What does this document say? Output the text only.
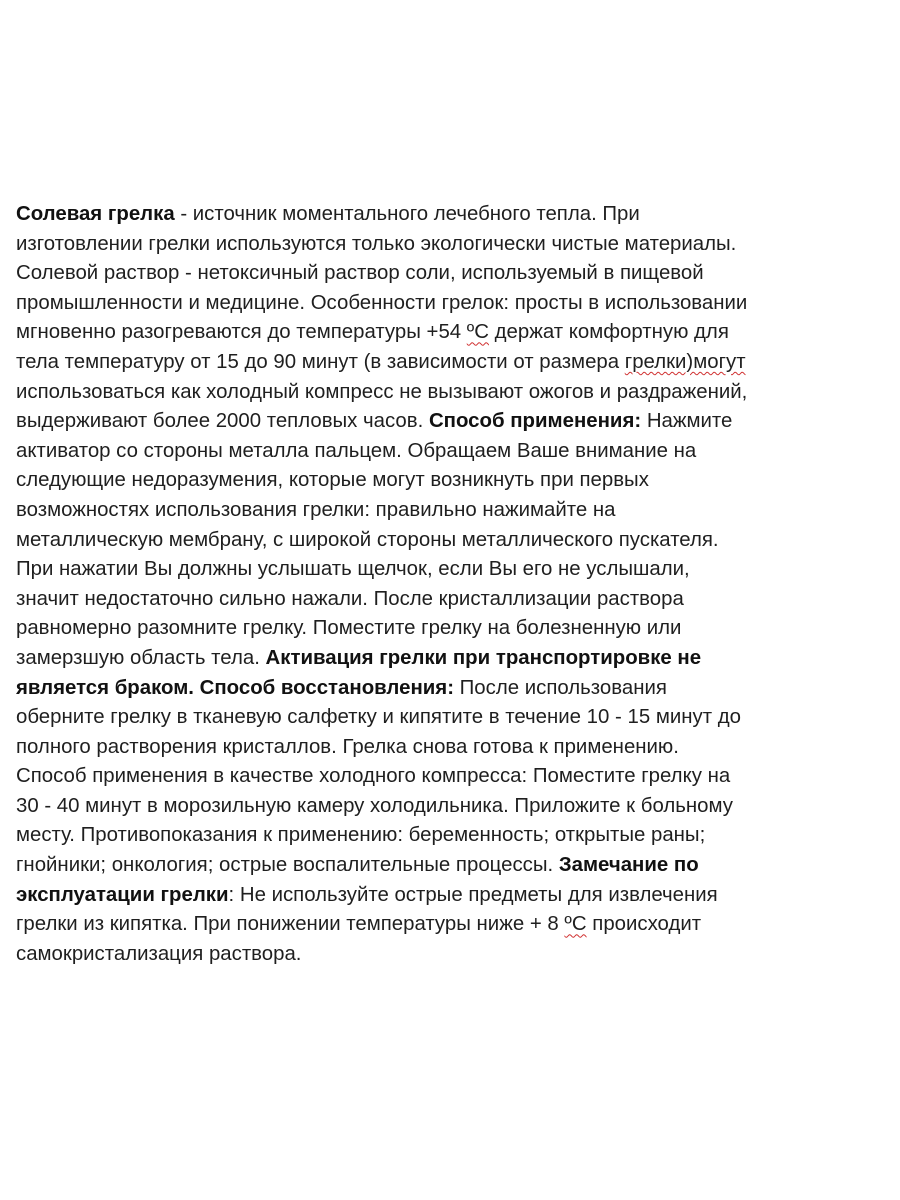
Солевая грелка - источник моментального лечебного тепла. При
изготовлении грелки используются только экологически чистые материалы.
Солевой раствор - нетоксичный раствор соли, используемый в пищевой
промышленности и медицине. Особенности грелок: просты в использовании
мгновенно разогреваются до температуры +54 ºC держат комфортную для
тела температуру от 15 до 90 минут (в зависимости от размера грелки)могут
использоваться как холодный компресс не вызывают ожогов и раздражений,
выдерживают более 2000 тепловых часов. Способ применения: Нажмите
активатор со стороны металла пальцем. Обращаем Ваше внимание на
следующие недоразумения, которые могут возникнуть при первых
возможностях использования грелки: правильно нажимайте на
металлическую мембрану, с широкой стороны металлического пускателя.
При нажатии Вы должны услышать щелчок, если Вы его не услышали,
значит недостаточно сильно нажали. После кристаллизации раствора
равномерно разомните грелку. Поместите грелку на болезненную или
замерзшую область тела. Активация грелки при транспортировке не
является браком. Способ восстановления: После использования
оберните грелку в тканевую салфетку и кипятите в течение 10 - 15 минут до
полного растворения кристаллов. Грелка снова готова к применению.
Способ применения в качестве холодного компресса: Поместите грелку на
30 - 40 минут в морозильную камеру холодильника. Приложите к больному
месту. Противопоказания к применению: беременность; открытые раны;
гнойники; онкология; острые воспалительные процессы. Замечание по
эксплуатации грелки: Не используйте острые предметы для извлечения
грелки из кипятка. При понижении температуры ниже + 8 ºC происходит
самокристализация раствора.
